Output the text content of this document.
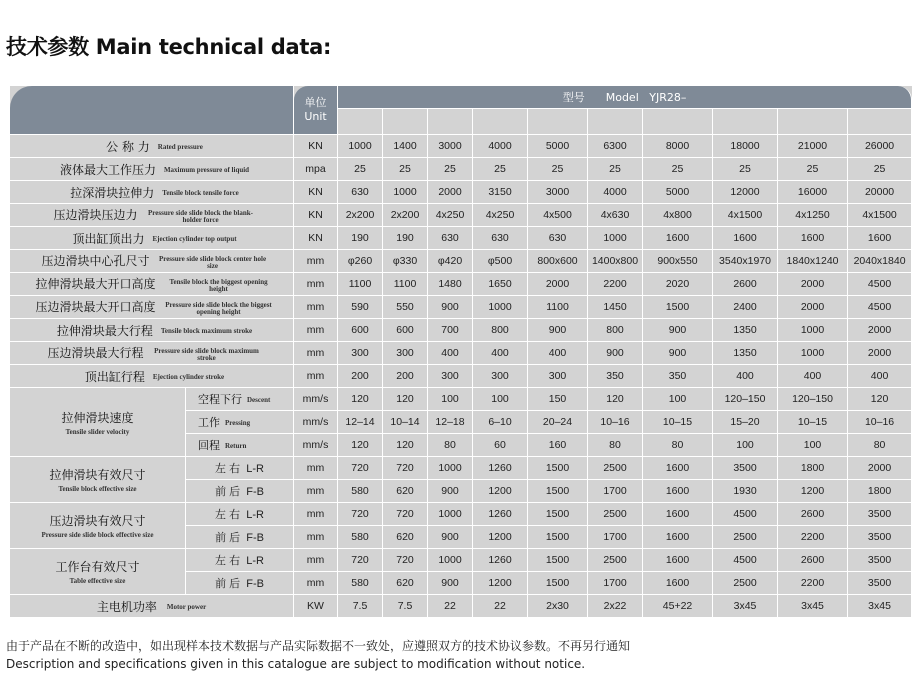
技术参数 Main technical data:

		单位
Unit	型号      Model   YJR28–									

公 称 力 Rated pressure		KN	1000	1400	3000	4000	5000	6300	8000	18000	21000	26000
液体最大工作压力 Maximum pressure of liquid		mpa	25	25	25	25	25	25	25	25	25	25
拉深滑块拉伸力 Tensile block tensile force		KN	630	1000	2000	3150	3000	4000	5000	12000	16000	20000
压边滑块压边力 Pressure side slide block the blank-holder force		KN	2x200	2x200	4x250	4x250	4x500	4x630	4x800	4x1500	4x1250	4x1500
顶出缸顶出力 Ejection cylinder top output		KN	190	190	630	630	630	1000	1600	1600	1600	1600
压边滑块中心孔尺寸 Pressure side slide block center hole size		mm	φ260	φ330	φ420	φ500	800x600	1400x800	900x550	3540x1970	1840x1240	2040x1840
拉伸滑块最大开口高度 Tensile block the biggest opening height		mm	1100	1100	1480	1650	2000	2200	2020	2600	2000	4500
压边滑块最大开口高度 Pressure side slide block the biggest opening height		mm	590	550	900	1000	1100	1450	1500	2400	2000	4500
拉伸滑块最大行程 Tensile block maximum stroke		mm	600	600	700	800	900	800	900	1350	1000	2000
压边滑块最大行程 Pressure side slide block maximum stroke		mm	300	300	400	400	400	900	900	1350	1000	2000
顶出缸行程 Ejection cylinder stroke		mm	200	200	300	300	300	350	350	400	400	400

拉伸滑块速度
Tensile slider velocity	空程下行 Descent	mm/s	120	120	100	100	150	120	100	120–150	120–150	120
	工作 Pressing	mm/s	12–14	10–14	12–18	6–10	20–24	10–16	10–15	15–20	10–15	10–16
	回程 Return	mm/s	120	120	80	60	160	80	80	100	100	80

拉伸滑块有效尺寸
Tensile block effective size	左 右  L-R	mm	720	720	1000	1260	1500	2500	1600	3500	1800	2000
	前 后  F-B	mm	580	620	900	1200	1500	1700	1600	1930	1200	1800

压边滑块有效尺寸
Pressure side slide block effective size	左 右  L-R	mm	720	720	1000	1260	1500	2500	1600	4500	2600	3500
	前 后  F-B	mm	580	620	900	1200	1500	1700	1600	2500	2200	3500

工作台有效尺寸
Table effective size	左 右  L-R	mm	720	720	1000	1260	1500	2500	1600	4500	2600	3500
	前 后  F-B	mm	580	620	900	1200	1500	1700	1600	2500	2200	3500
主电机功率 Motor power		KW	7.5	7.5	22	22	2x30	2x22	45+22	3x45	3x45	3x45
由于产品在不断的改造中，如出现样本技术数据与产品实际数据不一致处，应遵照双方的技术协议参数。不再另行通知
Description and specifications given in this catalogue are subject to modification without notice.
